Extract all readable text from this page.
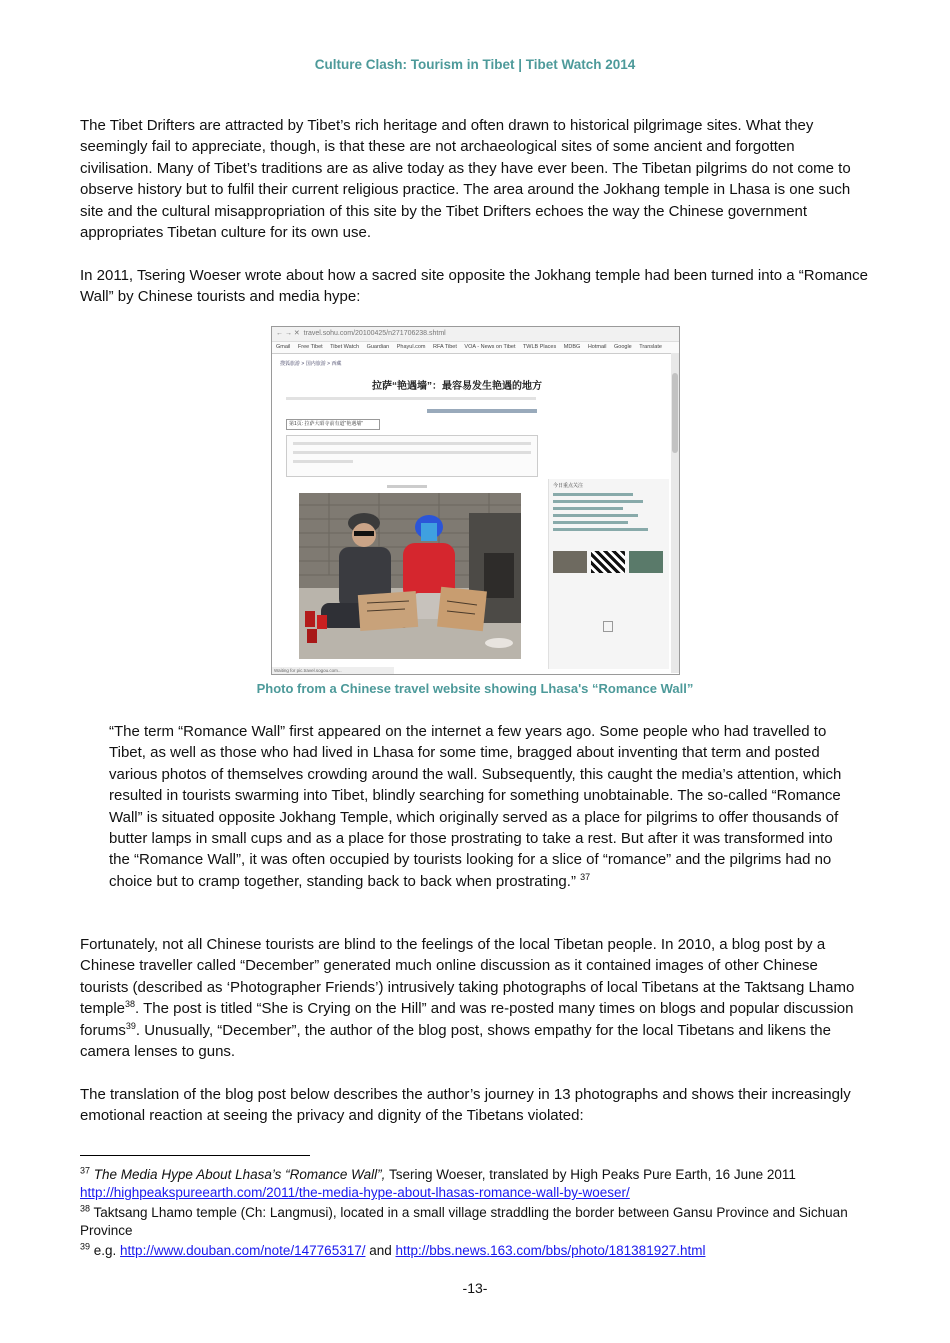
Culture Clash: Tourism in Tibet | Tibet Watch 2014

The Tibet Drifters are attracted by Tibet’s rich heritage and often drawn to historical pilgrimage sites. What they seemingly fail to appreciate, though, is that these are not archaeological sites of some ancient and forgotten civilisation. Many of Tibet’s traditions are as alive today as they have ever been. The Tibetan pilgrims do not come to observe history but to fulfil their current religious practice. The area around the Jokhang temple in Lhasa is one such site and the cultural misappropriation of this site by the Tibet Drifters echoes the way the Chinese government appropriates Tibetan culture for its own use.

In 2011, Tsering Woeser wrote about how a sacred site opposite the Jokhang temple had been turned into a “Romance Wall” by Chinese tourists and media hype:

← → ✕ travel.sohu.com/20100425/n271706238.shtml
Gmail Free Tibet Tibet Watch Guardian Phayul.com RFA Tibet VOA - News on Tibet TWLB Places MDBG Hotmail Google Translate
搜狐旅游 > 国内旅游 > 西藏
拉萨“艳遇墙”：最容易发生艳遇的地方
第1页: 拉萨大昭寺前有道“艳遇墙”
今日重点关注
Waiting for pic.travel.sogou.com...
Photo from a Chinese travel website showing Lhasa's “Romance Wall”

“The term “Romance Wall” first appeared on the internet a few years ago. Some people who had travelled to Tibet, as well as those who had lived in Lhasa for some time, bragged about inventing that term and posted various photos of themselves crowding around the wall. Subsequently, this caught the media’s attention, which resulted in tourists swarming into Tibet, blindly searching for something unobtainable. The so-called “Romance Wall” is situated opposite Jokhang Temple, which originally served as a place for pilgrims to offer thousands of butter lamps in small cups and as a place for those prostrating to take a rest. But after it was transformed into the “Romance Wall”, it was often occupied by tourists looking for a slice of “romance” and the pilgrims had no choice but to cramp together, standing back to back when prostrating.” $^{37}$

Fortunately, not all Chinese tourists are blind to the feelings of the local Tibetan people. In 2010, a blog post by a Chinese traveller called “December” generated much online discussion as it contained images of other Chinese tourists (described as ‘Photographer Friends’) intrusively taking photographs of local Tibetans at the Taktsang Lhamo temple$^{38}$. The post is titled “She is Crying on the Hill” and was re-posted many times on blogs and popular discussion forums$^{39}$. Unusually, “December”, the author of the blog post, shows empathy for the local Tibetans and likens the camera lenses to guns.

The translation of the blog post below describes the author’s journey in 13 photographs and shows their increasingly emotional reaction at seeing the privacy and dignity of the Tibetans violated:

$^{37}$ The Media Hype About Lhasa’s “Romance Wall”, Tsering Woeser, translated by High Peaks Pure Earth, 16 June 2011
http://highpeakspureearth.com/2011/the-media-hype-about-lhasas-romance-wall-by-woeser/

$^{38}$ Taktsang Lhamo temple (Ch: Langmusi), located in a small village straddling the border between Gansu Province and Sichuan Province

$^{39}$ e.g. http://www.douban.com/note/147765317/ and http://bbs.news.163.com/bbs/photo/181381927.html

-13-
